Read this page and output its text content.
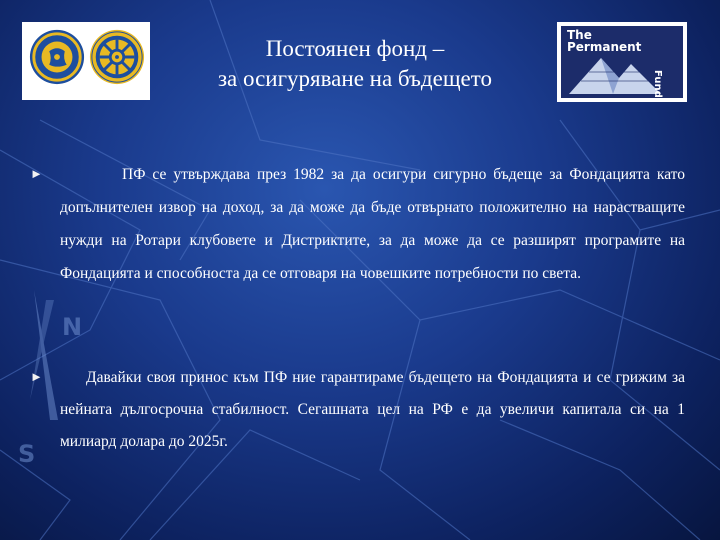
N
S
Постоянен фонд –
за осигуряване на бъдещето
The
Permanent
Fund
►	ПФ се утвърждава през 1982 за да осигури сигурно бъдеще за Фондацията като допълнителен извор на доход, за да може да бъде отвърнато положително на нарастващите нужди на Ротари клубовете и Дистриктите, за да може да се разширят програмите на Фондацията и способноста да се отговаря на човешките потребности по света.
►	Давайки своя принос към ПФ ние гарантираме бъдещето на Фондацията и се грижим за нейната дългосрочна стабилност. Сегашната цел на РФ е да увеличи капитала си на 1 милиард долара до 2025г.
